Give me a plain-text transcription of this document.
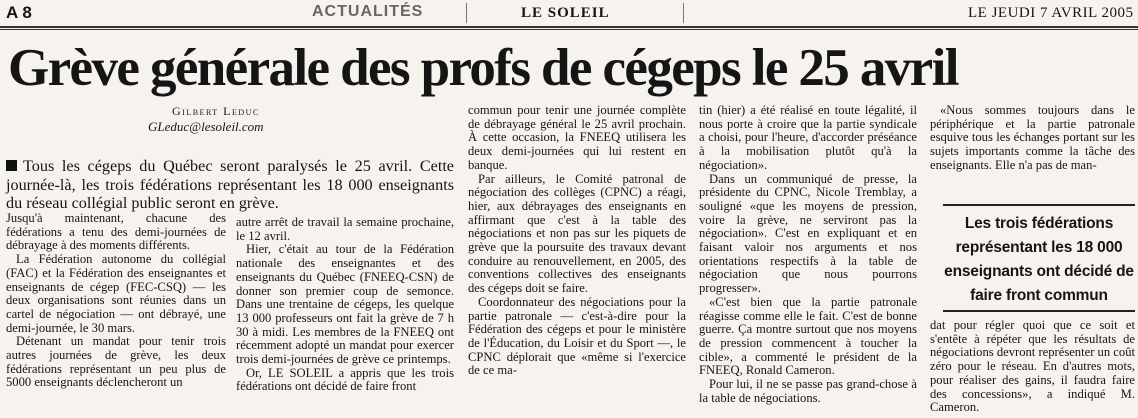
A 8	ACTUALITÉS	LE SOLEIL	LE JEUDI 7 AVRIL 2005
Grève générale des profs de cégeps le 25 avril
Gilbert Leduc
GLeduc@lesoleil.com
Tous les cégeps du Québec seront paralysés le 25 avril. Cette journée-là, les trois fédérations représentant les 18 000 enseignants du réseau collégial public seront en grève.

Jusqu'à maintenant, chacune des fédérations a tenu des demi-journées de débrayage à des moments différents.

La Fédération autonome du collégial (FAC) et la Fédération des enseignantes et enseignants de cégep (FEC-CSQ) — les deux organisations sont réunies dans un cartel de négociation — ont débrayé, une demi-journée, le 30 mars.

Détenant un mandat pour tenir trois autres journées de grève, les deux fédérations représentant un peu plus de 5000 enseignants déclencheront un

autre arrêt de travail la semaine prochaine, le 12 avril.

Hier, c'était au tour de la Fédération nationale des enseignantes et des enseignants du Québec (FNEEQ-CSN) de donner son premier coup de semonce. Dans une trentaine de cégeps, les quelque 13 000 professeurs ont fait la grève de 7 h 30 à midi. Les membres de la FNEEQ ont récemment adopté un mandat pour exercer trois demi-journées de grève ce printemps.

Or, LE SOLEIL a appris que les trois fédérations ont décidé de faire front

commun pour tenir une journée complète de débrayage général le 25 avril prochain. À cette occasion, la FNEEQ utilisera les deux demi-journées qui lui restent en banque.

Par ailleurs, le Comité patronal de négociation des collèges (CPNC) a réagi, hier, aux débrayages des enseignants en affirmant que c'est à la table des négociations et non pas sur les piquets de grève que la poursuite des travaux devant conduire au renouvellement, en 2005, des conventions collectives des enseignants des cégeps doit se faire.

Coordonnateur des négociations pour la partie patronale — c'est-à-dire pour la Fédération des cégeps et pour le ministère de l'Éducation, du Loisir et du Sport —, le CPNC déplorait que «même si l'exercice de ce ma-

tin (hier) a été réalisé en toute légalité, il nous porte à croire que la partie syndicale a choisi, pour l'heure, d'accorder préséance à la mobilisation plutôt qu'à la négociation».

Dans un communiqué de presse, la présidente du CPNC, Nicole Tremblay, a souligné «que les moyens de pression, voire la grève, ne serviront pas la négociation». C'est en expliquant et en faisant valoir nos arguments et nos orientations respectifs à la table de négociation que nous pourrons progresser».

«C'est bien que la partie patronale réagisse comme elle le fait. C'est de bonne guerre. Ça montre surtout que nos moyens de pression commencent à toucher la cible», a commenté le président de la FNEEQ, Ronald Cameron.

Pour lui, il ne se passe pas grand-chose à la table de négociations.

«Nous sommes toujours dans le périphérique et la partie patronale esquive tous les échanges portant sur les sujets importants comme la tâche des enseignants. Elle n'a pas de man-

Les trois fédérations représentant les 18 000 enseignants ont décidé de faire front commun

dat pour régler quoi que ce soit et s'entête à répéter que les résultats de négociations devront représenter un coût zéro pour le réseau. En d'autres mots, pour réaliser des gains, il faudra faire des concessions», a indiqué M. Cameron.
